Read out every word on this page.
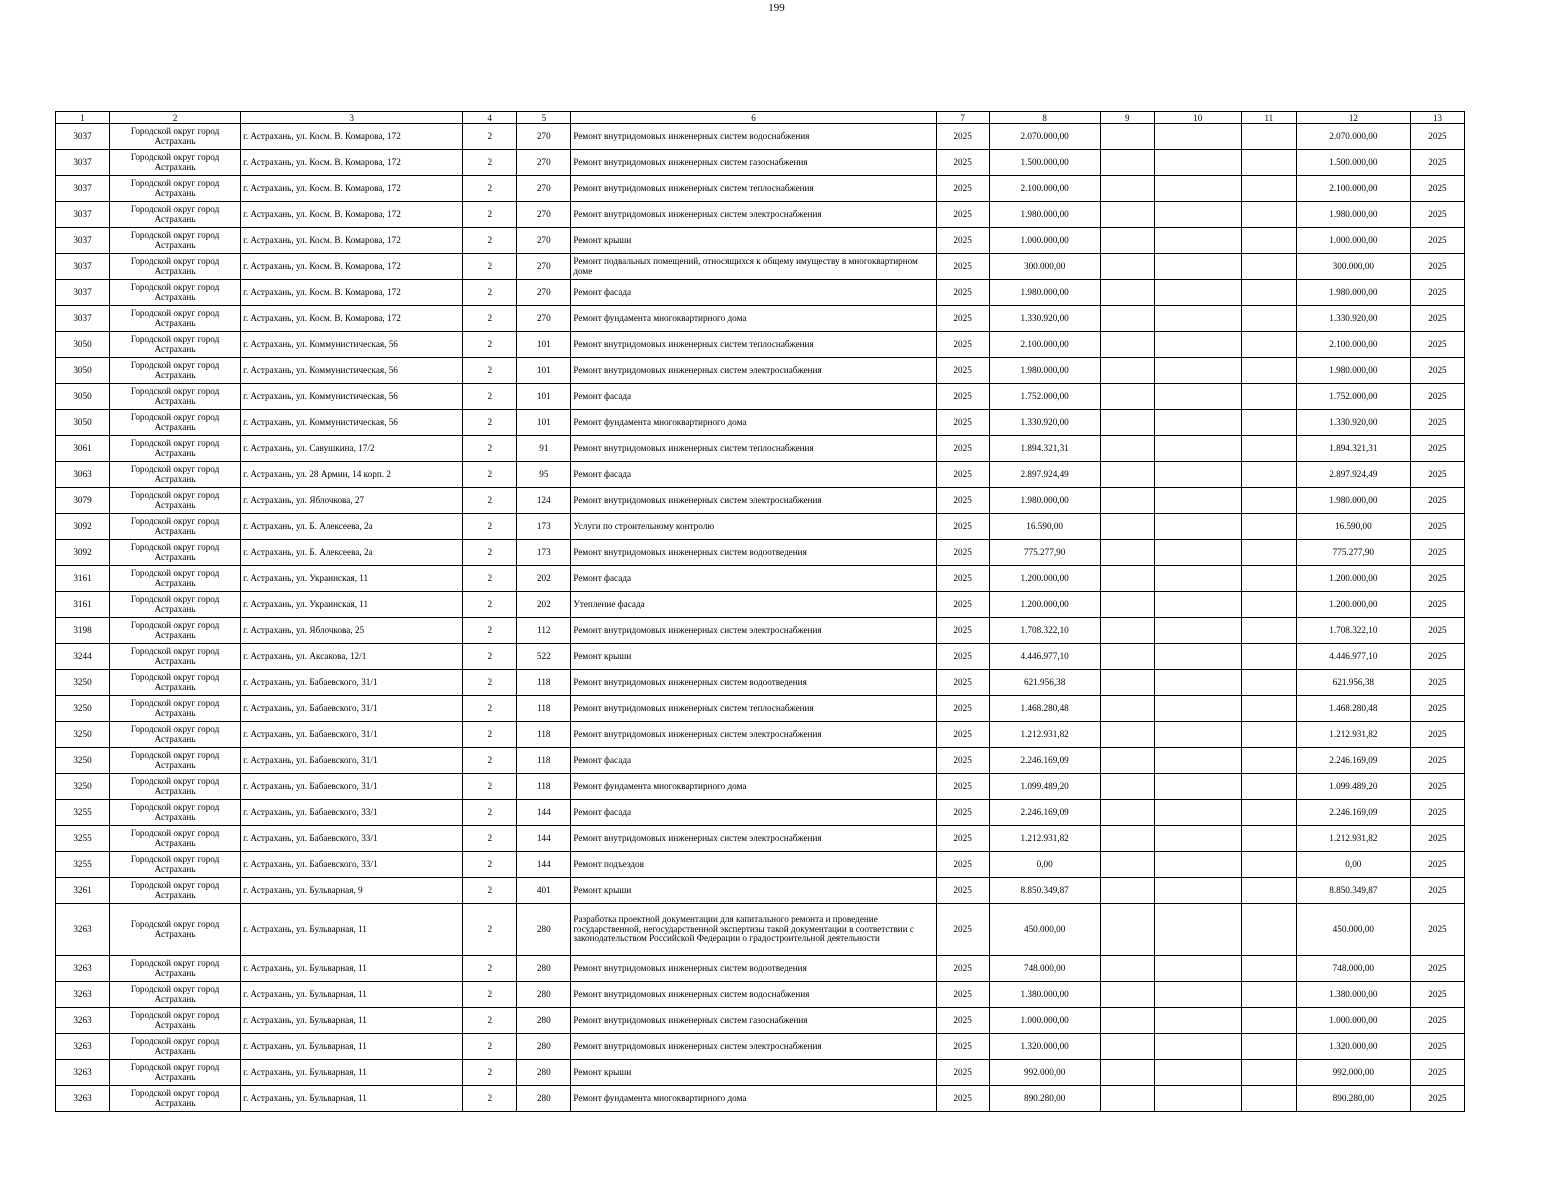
199
1	2	3	4	5	6	7	8	9	10	11	12	13
3037	Городской округ город Астрахань	г. Астрахань, ул. Косм. В. Комарова, 172	2	270	Ремонт внутридомовых инженерных систем водоснабжения	2025	2.070.000,00				2.070.000,00	2025
3037	Городской округ город Астрахань	г. Астрахань, ул. Косм. В. Комарова, 172	2	270	Ремонт внутридомовых инженерных систем газоснабжения	2025	1.500.000,00				1.500.000,00	2025
3037	Городской округ город Астрахань	г. Астрахань, ул. Косм. В. Комарова, 172	2	270	Ремонт внутридомовых инженерных систем теплоснабжения	2025	2.100.000,00				2.100.000,00	2025
3037	Городской округ город Астрахань	г. Астрахань, ул. Косм. В. Комарова, 172	2	270	Ремонт внутридомовых инженерных систем электроснабжения	2025	1.980.000,00				1.980.000,00	2025
3037	Городской округ город Астрахань	г. Астрахань, ул. Косм. В. Комарова, 172	2	270	Ремонт крыши	2025	1.000.000,00				1.000.000,00	2025
3037	Городской округ город Астрахань	г. Астрахань, ул. Косм. В. Комарова, 172	2	270	Ремонт подвальных помещений, относящихся к общему имуществу в многоквартирном доме	2025	300.000,00				300.000,00	2025
3037	Городской округ город Астрахань	г. Астрахань, ул. Косм. В. Комарова, 172	2	270	Ремонт фасада	2025	1.980.000,00				1.980.000,00	2025
3037	Городской округ город Астрахань	г. Астрахань, ул. Косм. В. Комарова, 172	2	270	Ремонт фундамента многоквартирного дома	2025	1.330.920,00				1.330.920,00	2025
3050	Городской округ город Астрахань	г. Астрахань, ул. Коммунистическая, 56	2	101	Ремонт внутридомовых инженерных систем теплоснабжения	2025	2.100.000,00				2.100.000,00	2025
3050	Городской округ город Астрахань	г. Астрахань, ул. Коммунистическая, 56	2	101	Ремонт внутридомовых инженерных систем электроснабжения	2025	1.980.000,00				1.980.000,00	2025
3050	Городской округ город Астрахань	г. Астрахань, ул. Коммунистическая, 56	2	101	Ремонт фасада	2025	1.752.000,00				1.752.000,00	2025
3050	Городской округ город Астрахань	г. Астрахань, ул. Коммунистическая, 56	2	101	Ремонт фундамента многоквартирного дома	2025	1.330.920,00				1.330.920,00	2025
3061	Городской округ город Астрахань	г. Астрахань, ул. Савушкина, 17/2	2	91	Ремонт внутридомовых инженерных систем теплоснабжения	2025	1.894.321,31				1.894.321,31	2025
3063	Городской округ город Астрахань	г. Астрахань, ул. 28 Армии, 14 корп. 2	2	95	Ремонт фасада	2025	2.897.924,49				2.897.924,49	2025
3079	Городской округ город Астрахань	г. Астрахань, ул. Яблочкова, 27	2	124	Ремонт внутридомовых инженерных систем электроснабжения	2025	1.980.000,00				1.980.000,00	2025
3092	Городской округ город Астрахань	г. Астрахань, ул. Б. Алексеева, 2а	2	173	Услуги по строительному контролю	2025	16.590,00				16.590,00	2025
3092	Городской округ город Астрахань	г. Астрахань, ул. Б. Алексеева, 2а	2	173	Ремонт внутридомовых инженерных систем водоотведения	2025	775.277,90				775.277,90	2025
3161	Городской округ город Астрахань	г. Астрахань, ул. Украинская, 11	2	202	Ремонт фасада	2025	1.200.000,00				1.200.000,00	2025
3161	Городской округ город Астрахань	г. Астрахань, ул. Украинская, 11	2	202	Утепление фасада	2025	1.200.000,00				1.200.000,00	2025
3198	Городской округ город Астрахань	г. Астрахань, ул. Яблочкова, 25	2	112	Ремонт внутридомовых инженерных систем электроснабжения	2025	1.708.322,10				1.708.322,10	2025
3244	Городской округ город Астрахань	г. Астрахань, ул. Аксакова, 12/1	2	522	Ремонт крыши	2025	4.446.977,10				4.446.977,10	2025
3250	Городской округ город Астрахань	г. Астрахань, ул. Бабаевского, 31/1	2	118	Ремонт внутридомовых инженерных систем водоотведения	2025	621.956,38				621.956,38	2025
3250	Городской округ город Астрахань	г. Астрахань, ул. Бабаевского, 31/1	2	118	Ремонт внутридомовых инженерных систем теплоснабжения	2025	1.468.280,48				1.468.280,48	2025
3250	Городской округ город Астрахань	г. Астрахань, ул. Бабаевского, 31/1	2	118	Ремонт внутридомовых инженерных систем электроснабжения	2025	1.212.931,82				1.212.931,82	2025
3250	Городской округ город Астрахань	г. Астрахань, ул. Бабаевского, 31/1	2	118	Ремонт фасада	2025	2.246.169,09				2.246.169,09	2025
3250	Городской округ город Астрахань	г. Астрахань, ул. Бабаевского, 31/1	2	118	Ремонт фундамента многоквартирного дома	2025	1.099.489,20				1.099.489,20	2025
3255	Городской округ город Астрахань	г. Астрахань, ул. Бабаевского, 33/1	2	144	Ремонт фасада	2025	2.246.169,09				2.246.169,09	2025
3255	Городской округ город Астрахань	г. Астрахань, ул. Бабаевского, 33/1	2	144	Ремонт внутридомовых инженерных систем электроснабжения	2025	1.212.931,82				1.212.931,82	2025
3255	Городской округ город Астрахань	г. Астрахань, ул. Бабаевского, 33/1	2	144	Ремонт подъездов	2025	0,00				0,00	2025
3261	Городской округ город Астрахань	г. Астрахань, ул. Бульварная, 9	2	401	Ремонт крыши	2025	8.850.349,87				8.850.349,87	2025
3263	Городской округ город Астрахань	г. Астрахань, ул. Бульварная, 11	2	280	Разработка проектной документации для капитального ремонта и проведение государственной, негосударственной экспертизы такой документации в соответствии с законодательством Российской Федерации о градостроительной деятельности	2025	450.000,00				450.000,00	2025
3263	Городской округ город Астрахань	г. Астрахань, ул. Бульварная, 11	2	280	Ремонт внутридомовых инженерных систем водоотведения	2025	748.000,00				748.000,00	2025
3263	Городской округ город Астрахань	г. Астрахань, ул. Бульварная, 11	2	280	Ремонт внутридомовых инженерных систем водоснабжения	2025	1.380.000,00				1.380.000,00	2025
3263	Городской округ город Астрахань	г. Астрахань, ул. Бульварная, 11	2	280	Ремонт внутридомовых инженерных систем газоснабжения	2025	1.000.000,00				1.000.000,00	2025
3263	Городской округ город Астрахань	г. Астрахань, ул. Бульварная, 11	2	280	Ремонт внутридомовых инженерных систем электроснабжения	2025	1.320.000,00				1.320.000,00	2025
3263	Городской округ город Астрахань	г. Астрахань, ул. Бульварная, 11	2	280	Ремонт крыши	2025	992.000,00				992.000,00	2025
3263	Городской округ город Астрахань	г. Астрахань, ул. Бульварная, 11	2	280	Ремонт фундамента многоквартирного дома	2025	890.280,00				890.280,00	2025
